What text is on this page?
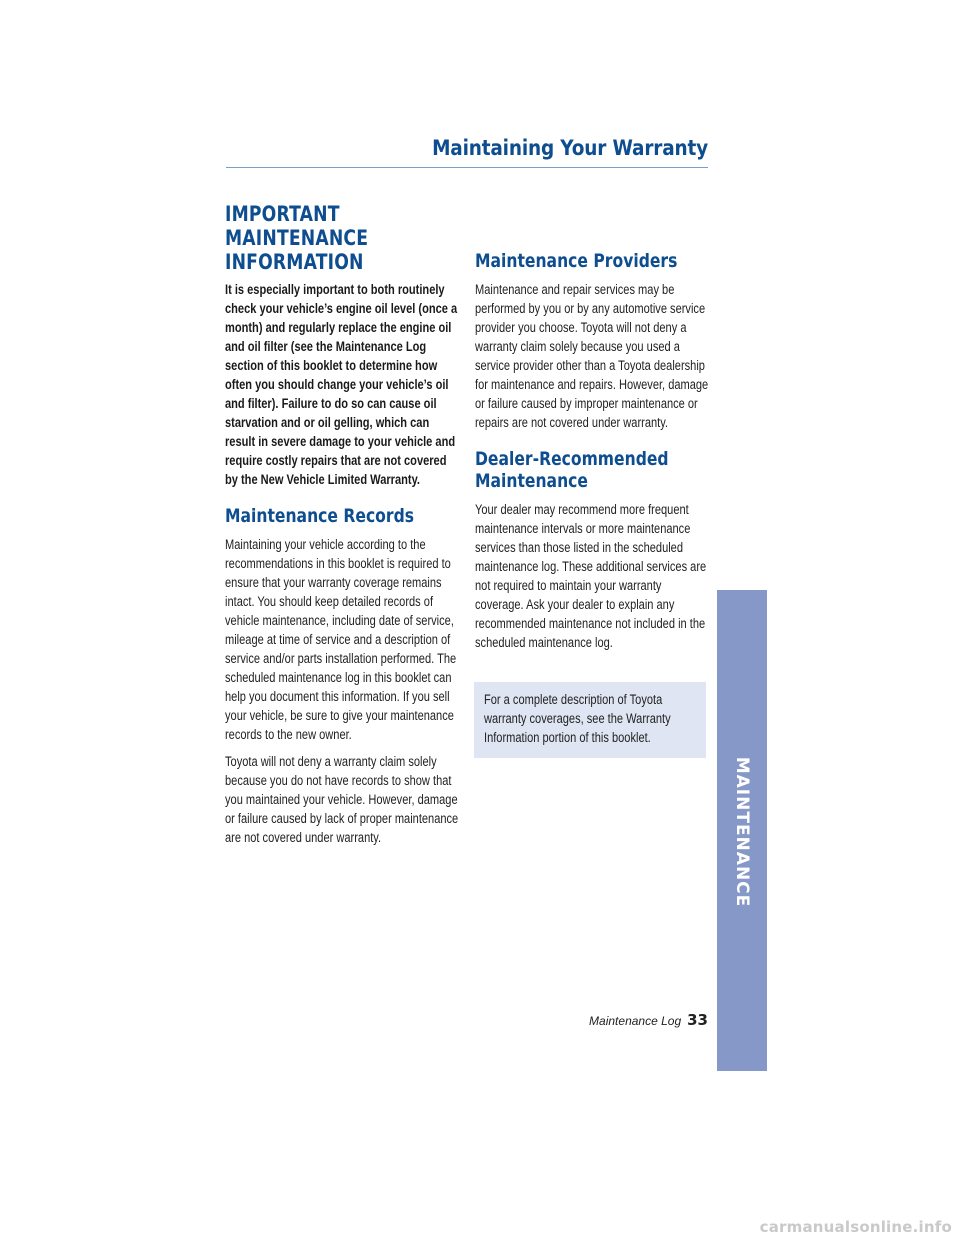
Maintaining Your Warranty
IMPORTANT MAINTENANCE INFORMATION

It is especially important to both routinely check your vehicle’s engine oil level (once a month) and regularly replace the engine oil and oil filter (see the Maintenance Log section of this booklet to determine how often you should change your vehicle’s oil and filter). Failure to do so can cause oil starvation and or oil gelling, which can result in severe damage to your vehicle and require costly repairs that are not covered by the New Vehicle Limited Warranty.

Maintenance Records

Maintaining your vehicle according to the recommendations in this booklet is required to ensure that your warranty coverage remains intact. You should keep detailed records of vehicle maintenance, including date of service, mileage at time of service and a description of service and/or parts installation performed. The scheduled maintenance log in this booklet can help you document this information. If you sell your vehicle, be sure to give your maintenance records to the new owner.

Toyota will not deny a warranty claim solely because you do not have records to show that you maintained your vehicle. However, damage or failure caused by lack of proper maintenance are not covered under warranty.

Maintenance Providers

Maintenance and repair services may be performed by you or by any automotive service provider you choose. Toyota will not deny a warranty claim solely because you used a service provider other than a Toyota dealership for maintenance and repairs. However, damage or failure caused by improper maintenance or repairs are not covered under warranty.

Dealer-Recommended Maintenance

Your dealer may recommend more frequent maintenance intervals or more maintenance services than those listed in the scheduled maintenance log. These additional services are not required to maintain your warranty coverage. Ask your dealer to explain any recommended maintenance not included in the scheduled maintenance log.

For a complete description of Toyota warranty coverages, see the Warranty Information portion of this booklet.

MAINTENANCE
Maintenance Log 33
carmanualsonline.info
